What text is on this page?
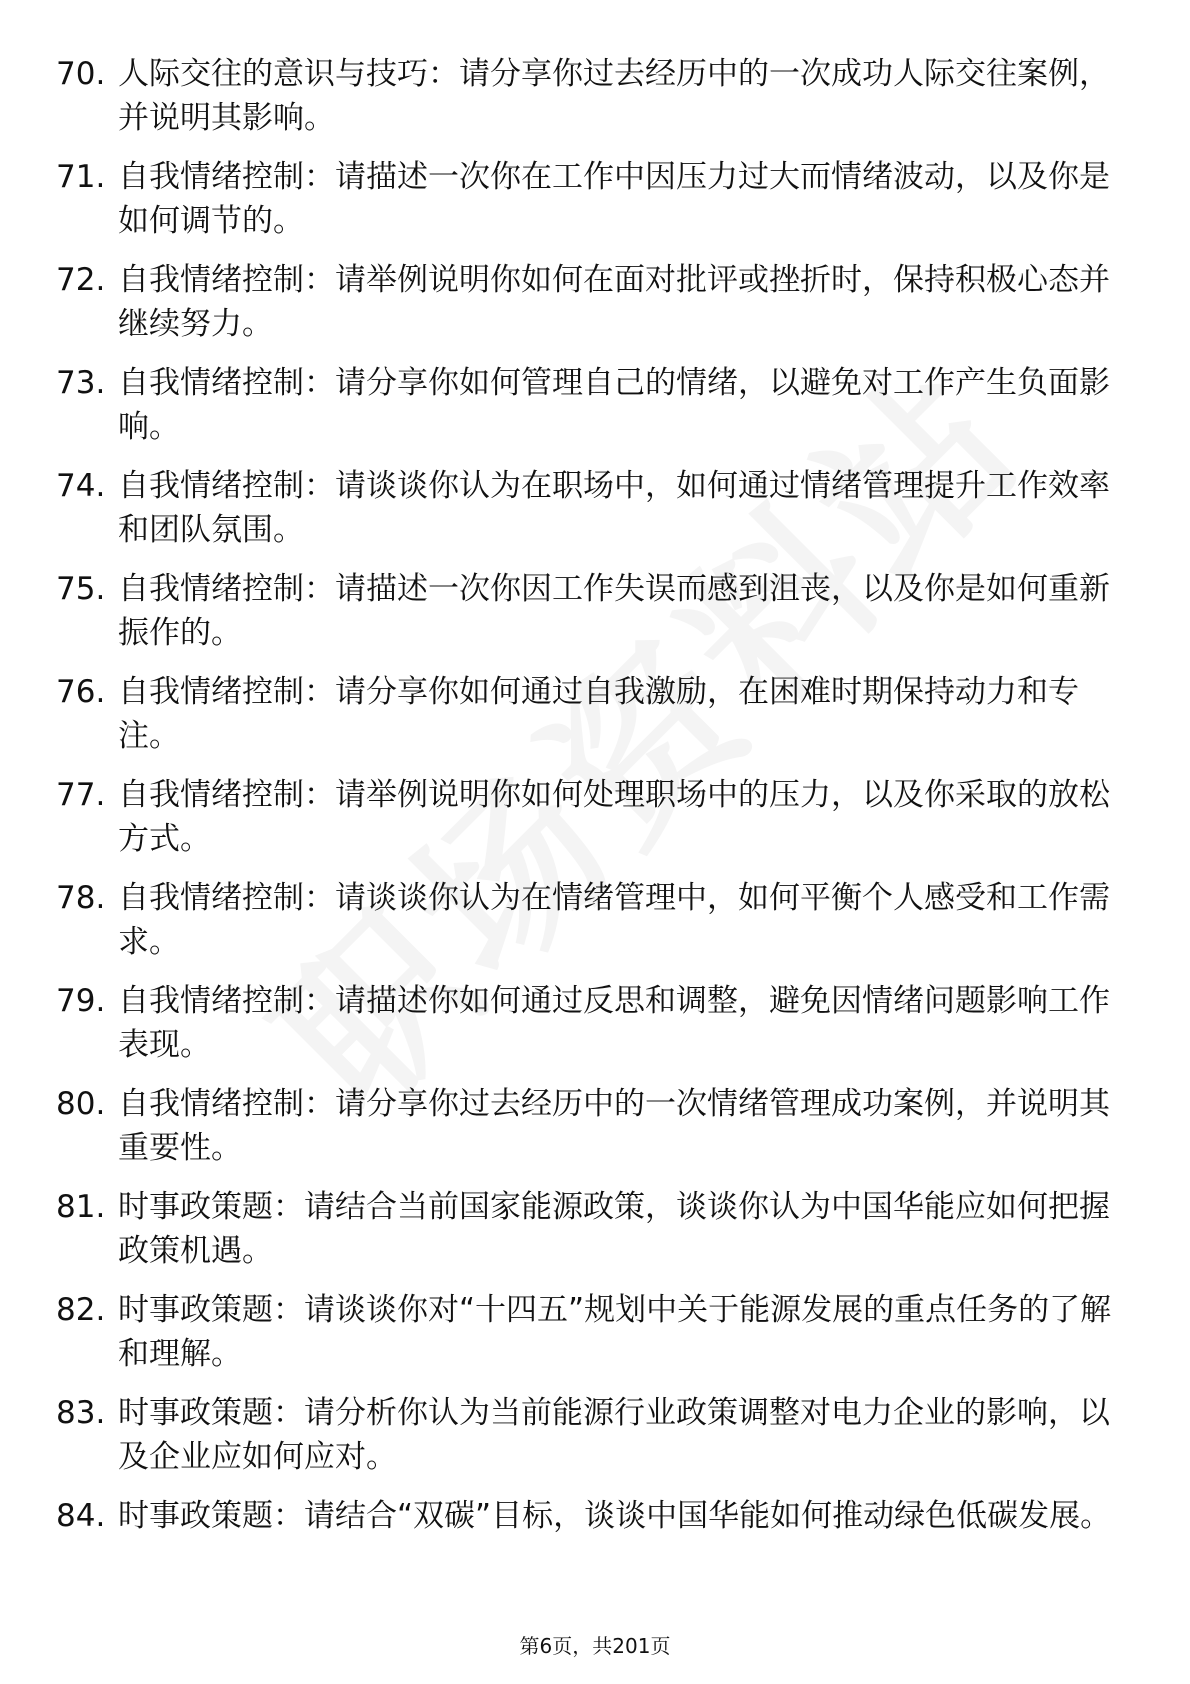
70. 人际交往的意识与技巧：请分享你过去经历中的一次成功人际交往案例，并说明其影响。
71. 自我情绪控制：请描述一次你在工作中因压力过大而情绪波动，以及你是如何调节的。
72. 自我情绪控制：请举例说明你如何在面对批评或挫折时，保持积极心态并继续努力。
73. 自我情绪控制：请分享你如何管理自己的情绪，以避免对工作产生负面影响。
74. 自我情绪控制：请谈谈你认为在职场中，如何通过情绪管理提升工作效率和团队氛围。
75. 自我情绪控制：请描述一次你因工作失误而感到沮丧，以及你是如何重新振作的。
76. 自我情绪控制：请分享你如何通过自我激励，在困难时期保持动力和专注。
77. 自我情绪控制：请举例说明你如何处理职场中的压力，以及你采取的放松方式。
78. 自我情绪控制：请谈谈你认为在情绪管理中，如何平衡个人感受和工作需求。
79. 自我情绪控制：请描述你如何通过反思和调整，避免因情绪问题影响工作表现。
80. 自我情绪控制：请分享你过去经历中的一次情绪管理成功案例，并说明其重要性。
81. 时事政策题：请结合当前国家能源政策，谈谈你认为中国华能应如何把握政策机遇。
82. 时事政策题：请谈谈你对“十四五”规划中关于能源发展的重点任务的了解和理解。
83. 时事政策题：请分析你认为当前能源行业政策调整对电力企业的影响，以及企业应如何应对。
84. 时事政策题：请结合“双碳”目标，谈谈中国华能如何推动绿色低碳发展。
第6页，共201页
